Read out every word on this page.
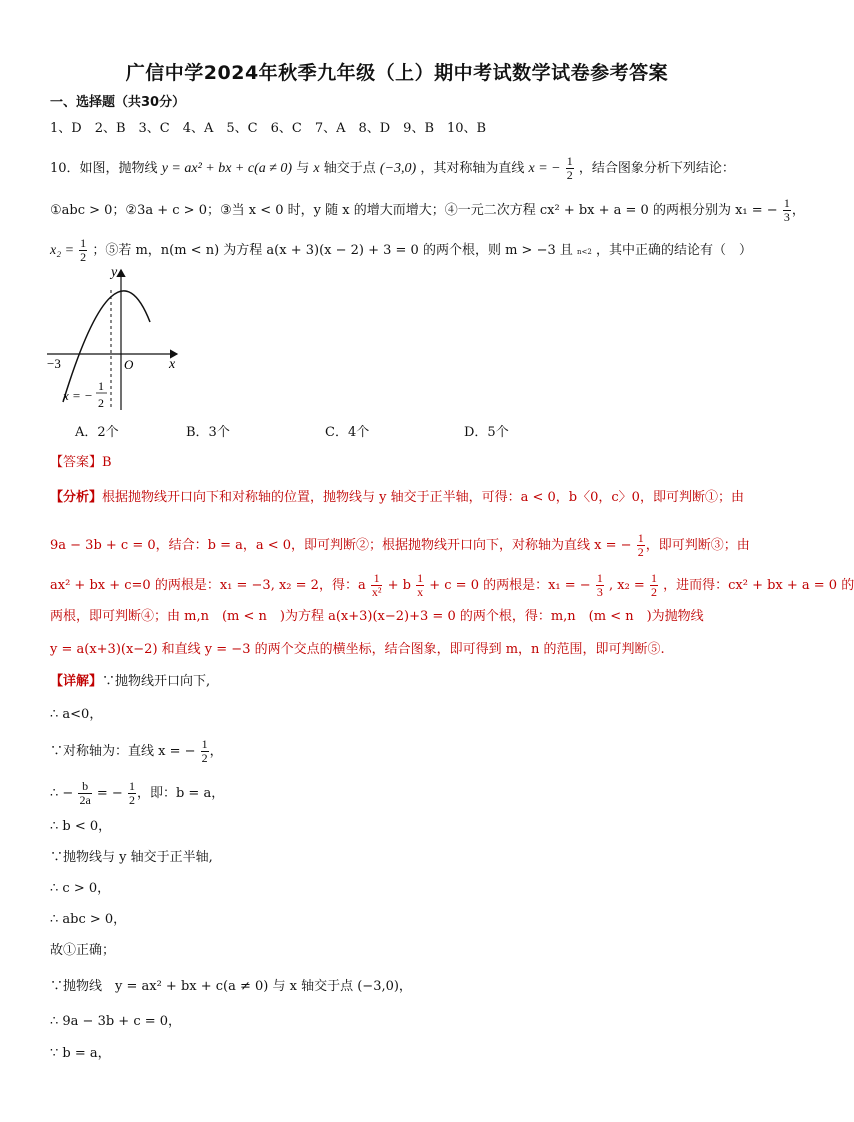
广信中学2024年秋季九年级（上）期中考试数学试卷参考答案
一、选择题（共30分）
1、D　2、B　3、C　4、A　5、C　6、C　7、A　8、D　9、B　10、B
10．如图，抛物线 y = ax² + bx + c(a ≠ 0) 与 x 轴交于点 (−3,0) ，其对称轴为直线 x = − $\frac{1}{2}$ ，结合图象分析下列结论：
①abc > 0；②3a + c > 0；③当 x < 0 时，y 随 x 的增大而增大；④一元二次方程 cx² + bx + a = 0 的两根分别为 x₁ = − $\frac{1}{3}$ ，
$x_2 = \frac{1}{2}$ ；⑤若 m，n(m < n) 为方程 a(x + 3)(x − 2) + 3 = 0 的两个根，则 m > −3 且 n<2 ，其中正确的结论有（　）
y
x
O
−3
x = −
1
2
A．2个	B．3个	C．4个	D．5个
【答案】B
【分析】根据抛物线开口向下和对称轴的位置，抛物线与 y 轴交于正半轴，可得：a < 0，b〈0，c〉0，即可判断①；由
9a − 3b + c = 0，结合：b = a，a < 0，即可判断②；根据抛物线开口向下，对称轴为直线 x = − $\frac{1}{2}$ ，即可判断③；由
ax² + bx + c=0 的两根是：x₁ = −3, x₂ = 2，得：a $\frac{1}{\text{x²}} + b \frac{1}{x} + c = 0$ 的两根是：x₁ = − $\frac{1}{3}$ , $x_2 = \frac{1}{2}$ ，进而得：cx² + bx + a = 0 的
两根，即可判断④；由 m,n　(m < n　)为方程 a(x+3)(x−2)+3 = 0 的两个根，得：m,n　(m < n　)为抛物线
y = a(x+3)(x−2) 和直线 y = −3 的两个交点的横坐标，结合图象，即可得到 m，n 的范围，即可判断⑤.
【详解】∵抛物线开口向下,
∴ a<0，
∵对称轴为：直线 x = − $\frac{1}{2}$ ，
∴ − $\frac{b}{2a}$ = − $\frac{1}{2}$ ，即：b = a，
∴ b < 0，
∵抛物线与 y 轴交于正半轴,
∴ c > 0，
∴ abc > 0，
故①正确；
∵抛物线　y = ax² + bx + c(a ≠ 0) 与 x 轴交于点 (−3,0)，
∴ 9a − 3b + c = 0，
∵ b = a，
